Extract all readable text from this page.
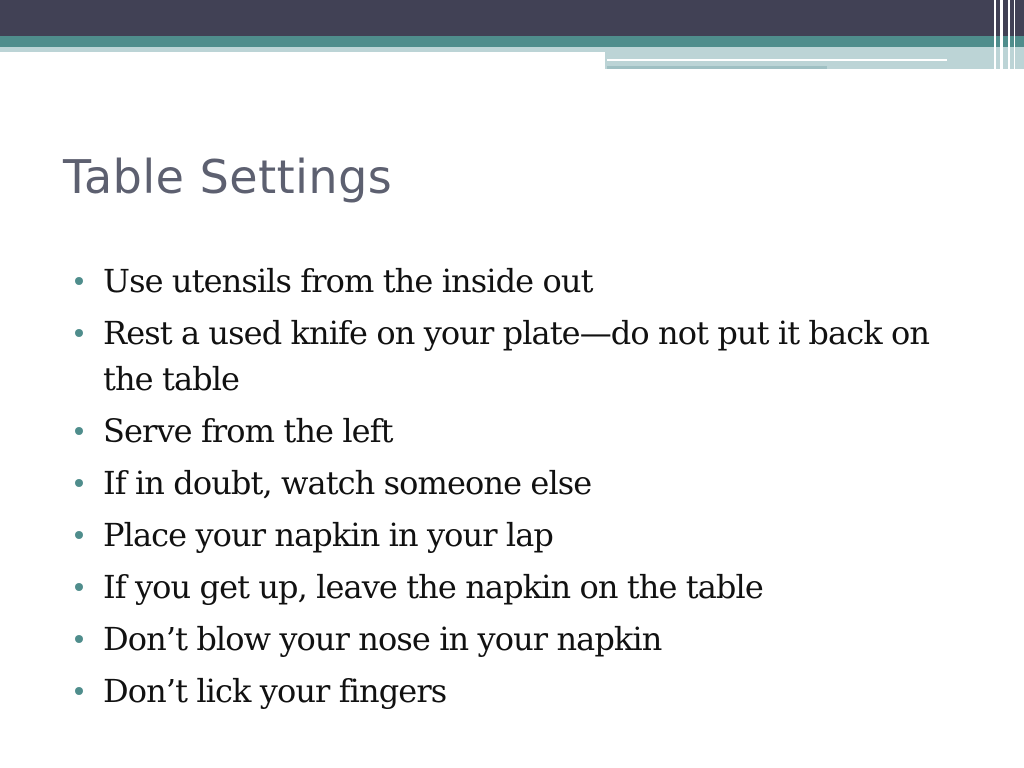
Table Settings
Use utensils from the inside out
Rest a used knife on your plate—do not put it back on the table
Serve from the left
If in doubt, watch someone else
Place your napkin in your lap
If you get up, leave the napkin on the table
Don’t blow your nose in your napkin
Don’t lick your fingers
